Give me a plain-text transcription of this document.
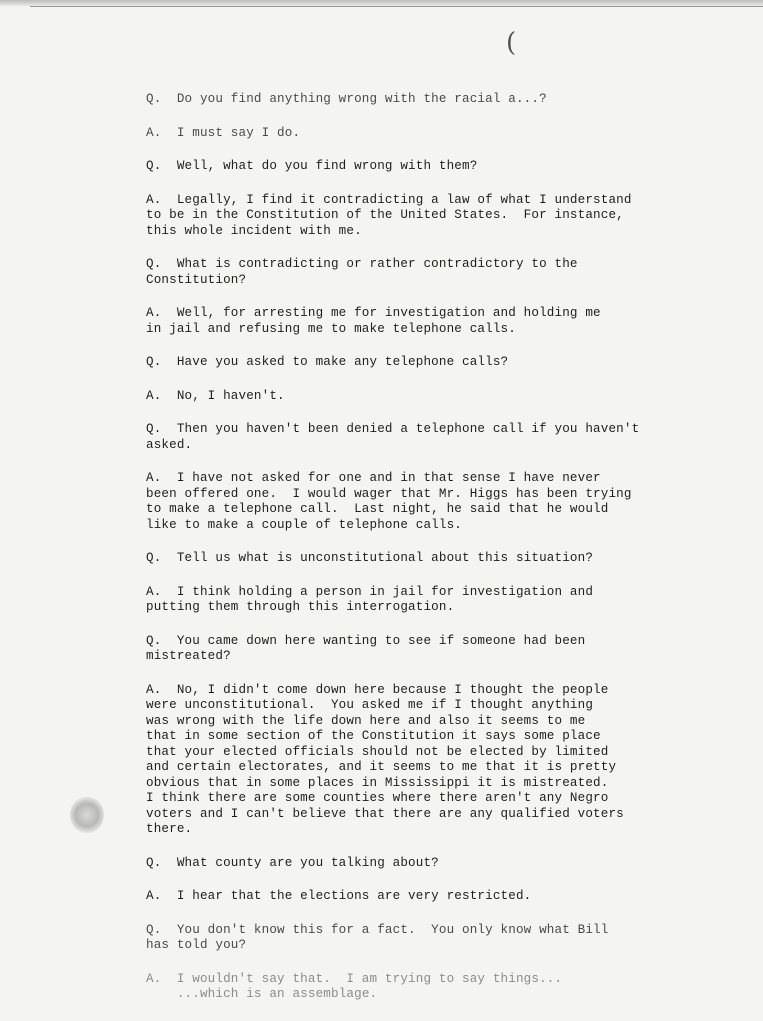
(

Q.  Do you find anything wrong with the racial a...?

A.  I must say I do.

Q.  Well, what do you find wrong with them?

A.  Legally, I find it contradicting a law of what I understand
to be in the Constitution of the United States.  For instance,
this whole incident with me.

Q.  What is contradicting or rather contradictory to the
Constitution?

A.  Well, for arresting me for investigation and holding me
in jail and refusing me to make telephone calls.

Q.  Have you asked to make any telephone calls?

A.  No, I haven't.

Q.  Then you haven't been denied a telephone call if you haven't
asked.

A.  I have not asked for one and in that sense I have never
been offered one.  I would wager that Mr. Higgs has been trying
to make a telephone call.  Last night, he said that he would
like to make a couple of telephone calls.

Q.  Tell us what is unconstitutional about this situation?

A.  I think holding a person in jail for investigation and
putting them through this interrogation.

Q.  You came down here wanting to see if someone had been
mistreated?

A.  No, I didn't come down here because I thought the people
were unconstitutional.  You asked me if I thought anything
was wrong with the life down here and also it seems to me
that in some section of the Constitution it says some place
that your elected officials should not be elected by limited
and certain electorates, and it seems to me that it is pretty
obvious that in some places in Mississippi it is mistreated.
I think there are some counties where there aren't any Negro
voters and I can't believe that there are any qualified voters
there.

Q.  What county are you talking about?

A.  I hear that the elections are very restricted.

Q.  You don't know this for a fact.  You only know what Bill
has told you?

A.  I wouldn't say that.  I am trying to say things...
...which is an assemblage.
